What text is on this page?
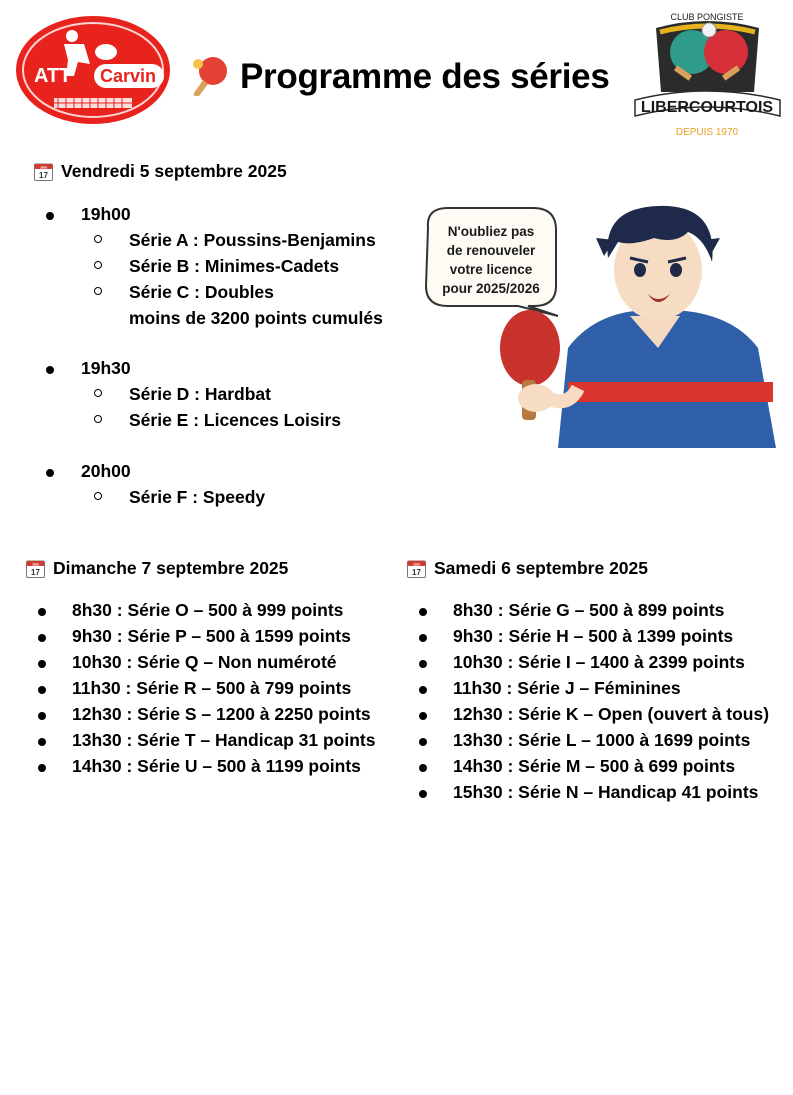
ATT Carvin Programme des séries
CLUB PONGISTE
LIBERCOURTOIS
DEPUIS 1970
July
17 Vendredi 5 septembre 2025
19h00
Série A : Poussins-Benjamins
Série B : Minimes-Cadets
Série C : Doubles
moins de 3200 points cumulés
19h30
Série D : Hardbat
Série E : Licences Loisirs
20h00
Série F : Speedy
N'oubliez pas
de renouveler
votre licence
pour 2025/2026
July
17 Dimanche 7 septembre 2025
8h30 : Série O – 500 à 999 points
9h30 : Série P – 500 à 1599 points
10h30 : Série Q – Non numéroté
11h30 : Série R – 500 à 799 points
12h30 : Série S – 1200 à 2250 points
13h30 : Série T – Handicap 31 points
14h30 : Série U – 500 à 1199 points
July
17 Samedi 6 septembre 2025
8h30 : Série G – 500 à 899 points
9h30 : Série H – 500 à 1399 points
10h30 : Série I – 1400 à 2399 points
11h30 : Série J – Féminines
12h30 : Série K – Open (ouvert à tous)
13h30 : Série L – 1000 à 1699 points
14h30 : Série M – 500 à 699 points
15h30 : Série N – Handicap 41 points
